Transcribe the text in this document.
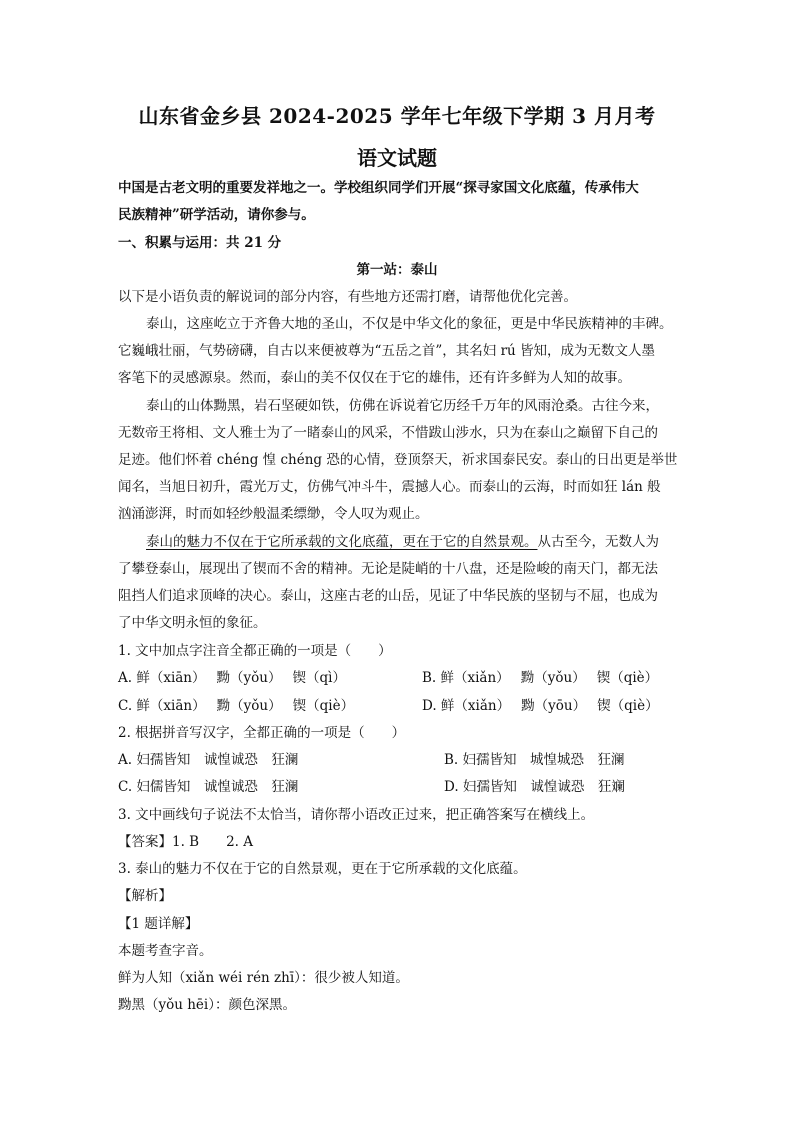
山东省金乡县 2024-2025 学年七年级下学期 3 月月考
语文试题
中国是古老文明的重要发祥地之一。学校组织同学们开展“探寻家国文化底蕴，传承伟大
民族精神”研学活动，请你参与。
一、积累与运用：共 21 分
第一站：泰山
以下是小语负责的解说词的部分内容，有些地方还需打磨，请帮他优化完善。
泰山，这座屹立于齐鲁大地的圣山，不仅是中华文化的象征，更是中华民族精神的丰碑。
它巍峨壮丽，气势磅礴，自古以来便被尊为“五岳之首”，其名妇 rú 皆知，成为无数文人墨
客笔下的灵感源泉。然而，泰山的美不仅仅在于它的雄伟，还有许多鲜为人知的故事。
泰山的山体黝黑，岩石坚硬如铁，仿佛在诉说着它历经千万年的风雨沧桑。古往今来，
无数帝王将相、文人雅士为了一睹泰山的风采，不惜跋山涉水，只为在泰山之巅留下自己的
足迹。他们怀着 chéng 惶 chéng 恐的心情，登顶祭天，祈求国泰民安。泰山的日出更是举世
闻名，当旭日初升，霞光万丈，仿佛气冲斗牛，震撼人心。而泰山的云海，时而如狂 lán 般
汹涌澎湃，时而如轻纱般温柔缥缈，令人叹为观止。
泰山的魅力不仅在于它所承载的文化底蕴，更在于它的自然景观。从古至今，无数人为
了攀登泰山，展现出了锲而不舍的精神。无论是陡峭的十八盘，还是险峻的南天门，都无法
阻挡人们追求顶峰的决心。泰山，这座古老的山岳，见证了中华民族的坚韧与不屈，也成为
了中华文明永恒的象征。
1. 文中加点字注音全都正确的一项是（　　）
A. 鲜（xiān）　 黝（yǒu）　 锲（qì）	B. 鲜（xiǎn）　 黝（yǒu）　 锲（qiè）
C. 鲜（xiān）　 黝（yǒu）　 锲（qiè）	D. 鲜（xiǎn）　 黝（yōu）　 锲（qiè）
2. 根据拼音写汉字，全都正确的一项是（　　）
A. 妇孺皆知　诚惶诚恐　狂澜	B. 妇孺皆知　城惶城恐　狂澜
C. 妇儒皆知　诚惶诚恐　狂澜	D. 妇孺皆知　诚惶诚恐　狂斓
3. 文中画线句子说法不太恰当，请你帮小语改正过来，把正确答案写在横线上。
【答案】1. B　　2. A
3. 泰山的魅力不仅在于它的自然景观，更在于它所承载的文化底蕴。
【解析】
【1 题详解】
本题考查字音。
鲜为人知（xiǎn wéi rén zhī）：很少被人知道。
黝黑（yǒu hēi）：颜色深黑。
